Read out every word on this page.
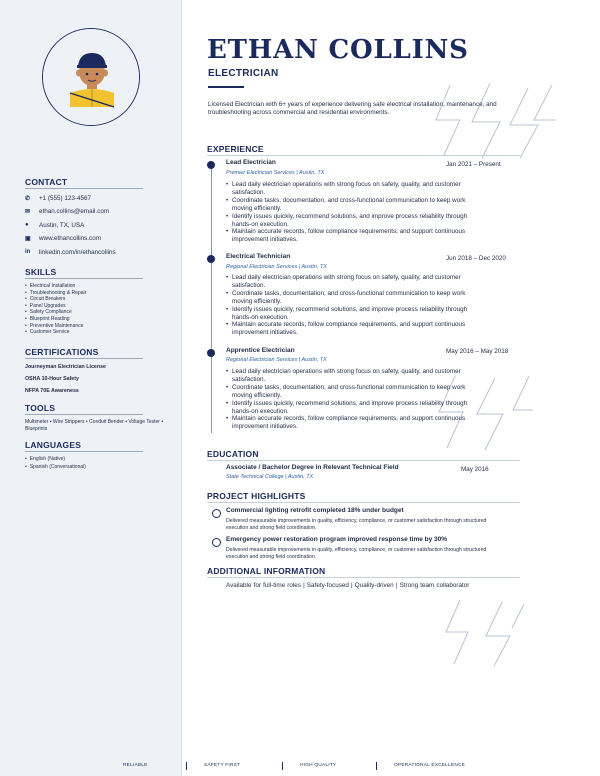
CONTACT
✆	+1 (555) 123-4567
✉	ethan.collins@email.com
●	Austin, TX, USA
▣	www.ethancollins.com
in	linkedin.com/in/ethancollins
SKILLS
• Electrical Installation
• Troubleshooting & Repair
• Circuit Breakers
• Panel Upgrades
• Safety Compliance
• Blueprint Reading
• Preventive Maintenance
• Customer Service
CERTIFICATIONS
Journeyman Electrician License
OSHA 10-Hour Safety
NFPA 70E Awareness
TOOLS
Multimeter • Wire Strippers • Conduit Bender • Voltage Tester • Blueprints
LANGUAGES
• English (Native)
• Spanish (Conversational)
ETHAN COLLINS
ELECTRICIAN
Licensed Electrician with 6+ years of experience delivering safe electrical installation, maintenance, and troubleshooting across commercial and residential environments.
EXPERIENCE
Lead Electrician
Premier Electrician Services | Austin, TX
Jan 2021 – Present
• Lead daily electrician operations with strong focus on safety, quality, and customer satisfaction.
• Coordinate tasks, documentation, and cross-functional communication to keep work moving efficiently.
• Identify issues quickly, recommend solutions, and improve process reliability through hands-on execution.
• Maintain accurate records, follow compliance requirements, and support continuous improvement initiatives.
Electrical Technician
Regional Electrician Services | Austin, TX
Jun 2018 – Dec 2020
• Lead daily electrician operations with strong focus on safety, quality, and customer satisfaction.
• Coordinate tasks, documentation, and cross-functional communication to keep work moving efficiently.
• Identify issues quickly, recommend solutions, and improve process reliability through hands-on execution.
• Maintain accurate records, follow compliance requirements, and support continuous improvement initiatives.
Apprentice Electrician
Regional Electrician Services | Austin, TX
May 2016 – May 2018
• Lead daily electrician operations with strong focus on safety, quality, and customer satisfaction.
• Coordinate tasks, documentation, and cross-functional communication to keep work moving efficiently.
• Identify issues quickly, recommend solutions, and improve process reliability through hands-on execution.
• Maintain accurate records, follow compliance requirements, and support continuous improvement initiatives.
EDUCATION
Associate / Bachelor Degree in Relevant Technical Field
State Technical College | Austin, TX
May 2016
PROJECT HIGHLIGHTS
Commercial lighting retrofit completed 18% under budget
Delivered measurable improvements in quality, efficiency, compliance, or customer satisfaction through structured execution and strong field coordination.
Emergency power restoration program improved response time by 30%
Delivered measurable improvements in quality, efficiency, compliance, or customer satisfaction through structured execution and strong field coordination.
ADDITIONAL INFORMATION
Available for full-time roles | Safety-focused | Quality-driven | Strong team collaborator
RELIABLE	SAFETY FIRST	HIGH QUALITY	OPERATIONAL EXCELLENCE
